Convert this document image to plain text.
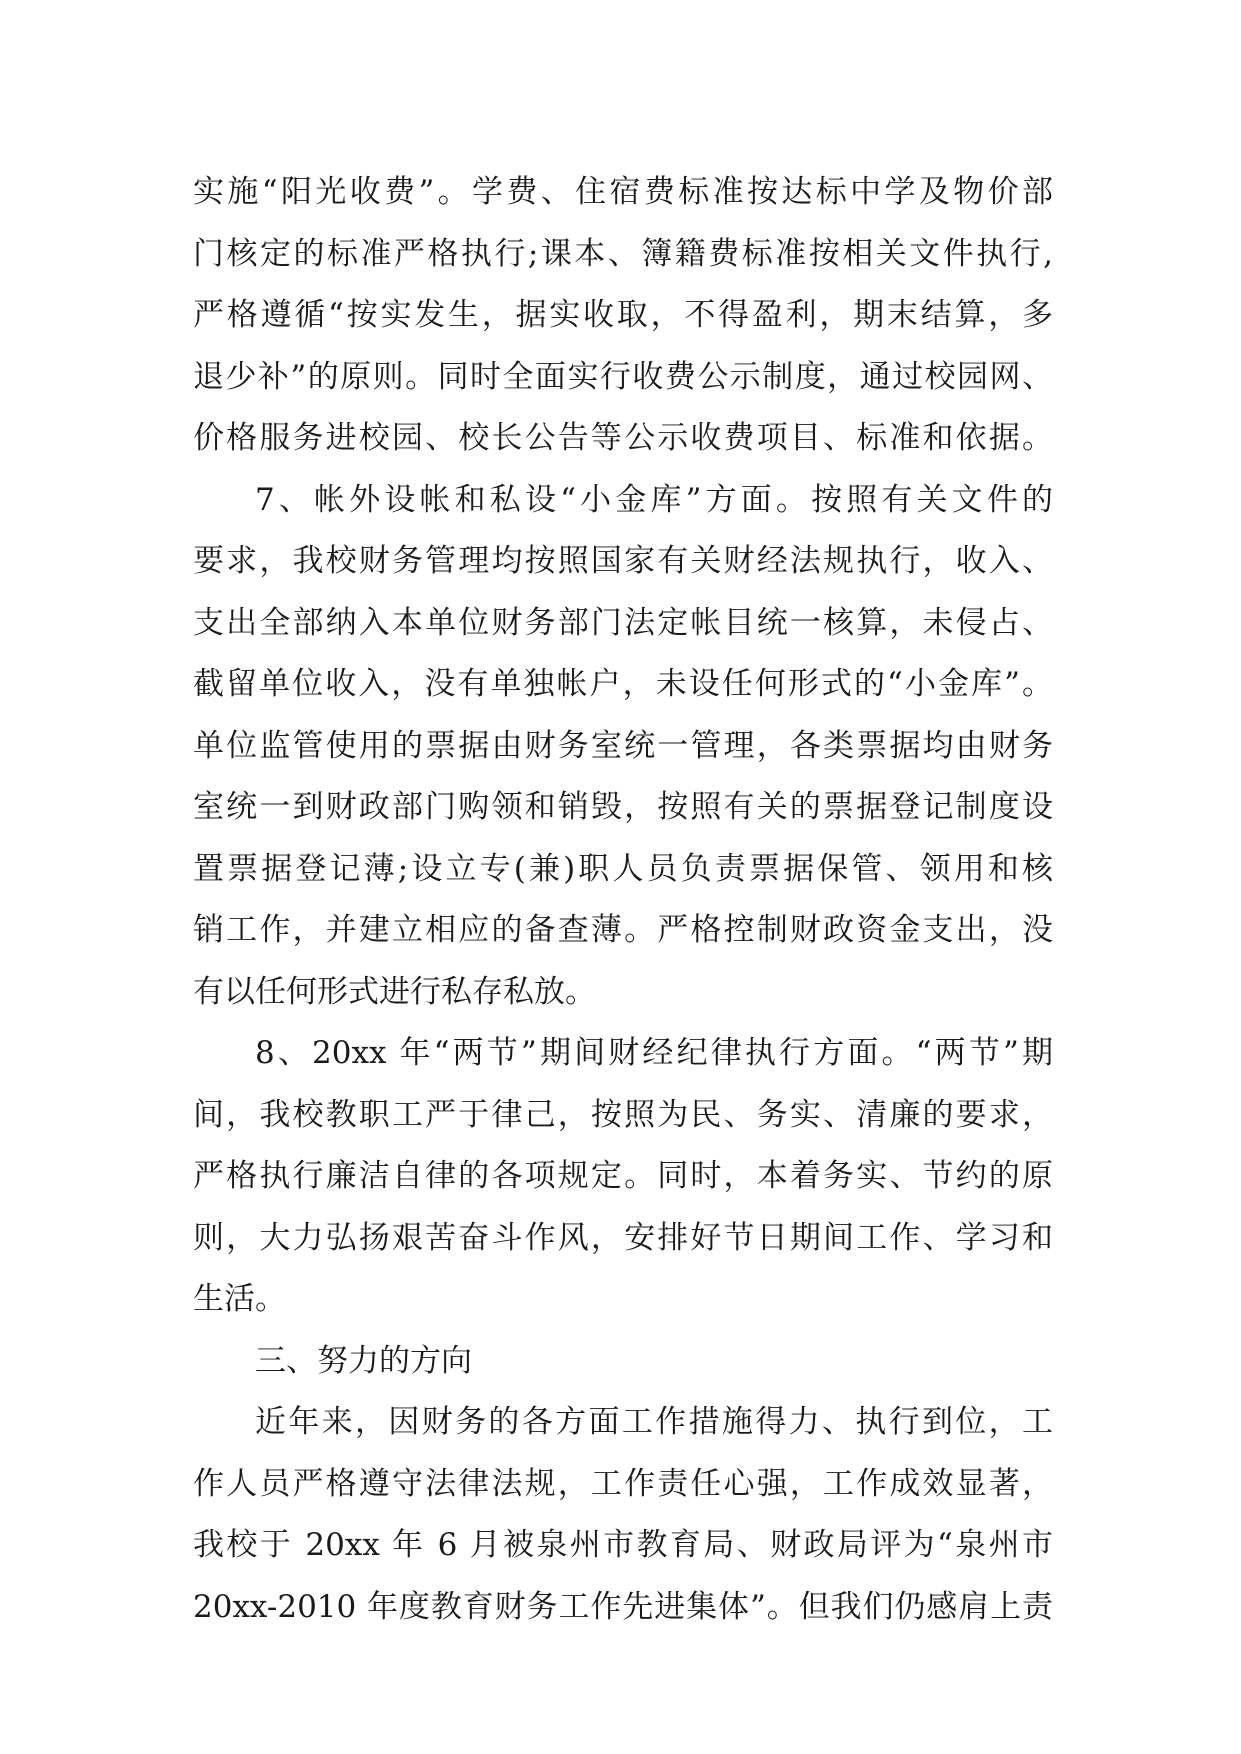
实施“阳光收费”。学费、住宿费标准按达标中学及物价部
门核定的标准严格执行;课本、簿籍费标准按相关文件执行,
严格遵循“按实发生，据实收取，不得盈利，期末结算，多
退少补”的原则。同时全面实行收费公示制度，通过校园网、
价格服务进校园、校长公告等公示收费项目、标准和依据。
7、帐外设帐和私设“小金库”方面。按照有关文件的
要求，我校财务管理均按照国家有关财经法规执行，收入、
支出全部纳入本单位财务部门法定帐目统一核算，未侵占、
截留单位收入，没有单独帐户，未设任何形式的“小金库”。
单位监管使用的票据由财务室统一管理，各类票据均由财务
室统一到财政部门购领和销毁，按照有关的票据登记制度设
置票据登记薄;设立专(兼)职人员负责票据保管、领用和核
销工作，并建立相应的备查薄。严格控制财政资金支出，没
有以任何形式进行私存私放。
8、20xx 年“两节”期间财经纪律执行方面。“两节”期
间，我校教职工严于律己，按照为民、务实、清廉的要求，
严格执行廉洁自律的各项规定。同时，本着务实、节约的原
则，大力弘扬艰苦奋斗作风，安排好节日期间工作、学习和
生活。
三、努力的方向
近年来，因财务的各方面工作措施得力、执行到位，工
作人员严格遵守法律法规，工作责任心强，工作成效显著，
我校于 20xx 年 6 月被泉州市教育局、财政局评为“泉州市
20xx-2010 年度教育财务工作先进集体”。但我们仍感肩上责
